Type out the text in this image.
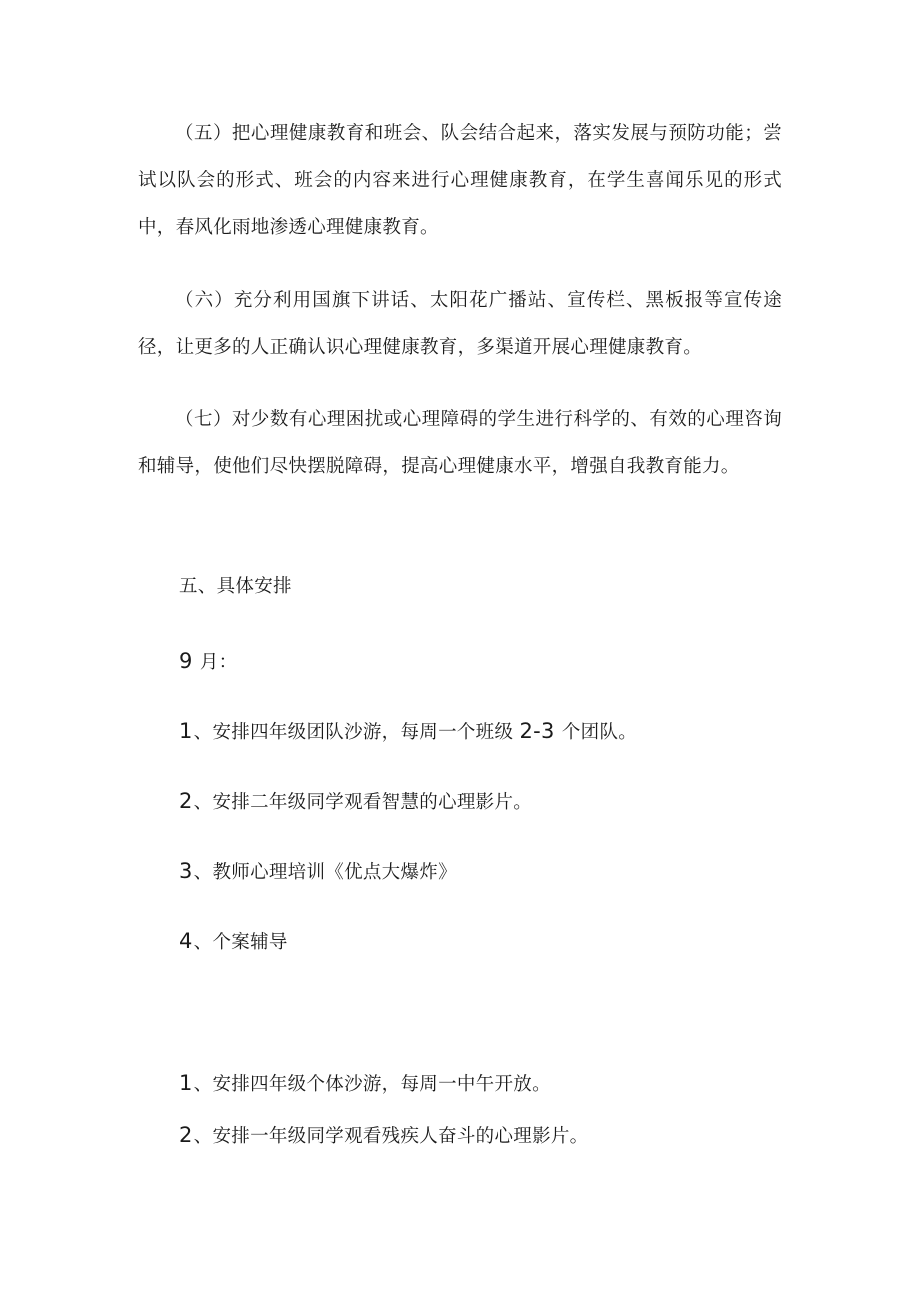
（五）把心理健康教育和班会、队会结合起来，落实发展与预防功能；尝试以队会的形式、班会的内容来进行心理健康教育，在学生喜闻乐见的形式中，春风化雨地渗透心理健康教育。

（六）充分利用国旗下讲话、太阳花广播站、宣传栏、黑板报等宣传途径，让更多的人正确认识心理健康教育，多渠道开展心理健康教育。

（七）对少数有心理困扰或心理障碍的学生进行科学的、有效的心理咨询和辅导，使他们尽快摆脱障碍，提高心理健康水平，增强自我教育能力。

五、具体安排

9 月：

1、安排四年级团队沙游，每周一个班级 2-3 个团队。

2、安排二年级同学观看智慧的心理影片。

3、教师心理培训《优点大爆炸》

4、个案辅导

1、安排四年级个体沙游，每周一中午开放。

2、安排一年级同学观看残疾人奋斗的心理影片。
